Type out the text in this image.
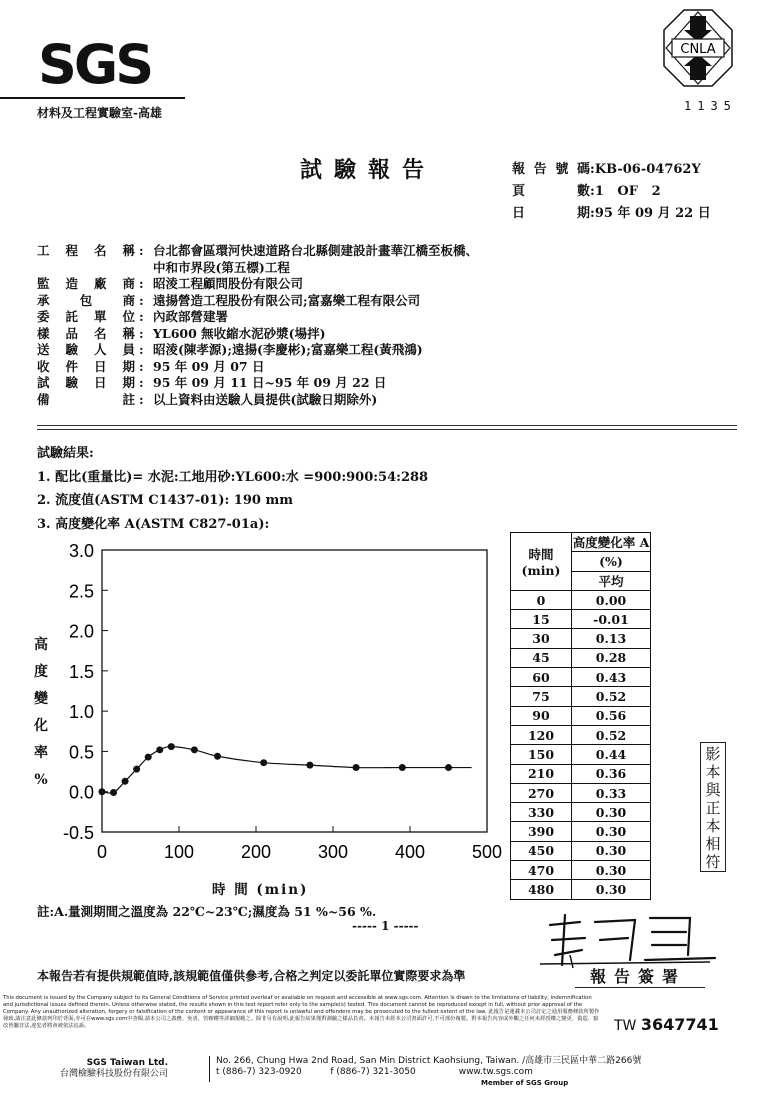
SGS
材料及工程實驗室-高雄
CNLA
1135
試驗報告	報告號碼:KB-06-04762Y
頁數:1   OF   2
日期:95 年 09 月 22 日
工程名稱 : 台北都會區環河快速道路台北縣側建設計畫華江橋至板橋、
中和市界段(第五標)工程
監造廠商 : 昭淩工程顧問股份有限公司
承包商 : 遠揚營造工程股份有限公司;富嘉樂工程有限公司
委託單位 : 內政部營建署
樣品名稱 : YL600 無收縮水泥砂漿(場拌)
送驗人員 : 昭淩(陳孝源);遠揚(李慶彬);富嘉樂工程(黃飛鴻)
收件日期 : 95 年 09 月 07 日
試驗日期 : 95 年 09 月 11 日~95 年 09 月 22 日
備註 : 以上資料由送驗人員提供(試驗日期除外)
試驗結果:
1. 配比(重量比)= 水泥:工地用砂:YL600:水 =900:900:54:288
2. 流度值(ASTM C1437-01): 190 mm
3. 高度變化率 A(ASTM C827-01a):
高度變化率 %
3.0
2.5
2.0
1.5
1.0
0.5
0.0
-0.5
0	100	200	300	400	500
時 間 (min)
時間
(min)	高度變化率 A
	(%)
	平均
0	0.00
15	-0.01
30	0.13
45	0.28
60	0.43
75	0.52
90	0.56
120	0.52
150	0.44
210	0.36
270	0.33
330	0.30
390	0.30
450	0.30
470	0.30
480	0.30
影本與正本相符
註:A.量測期間之溫度為 22℃~23℃;濕度為 51 %~56 %.
----- 1 -----
本報告若有提供規範值時,該規範值僅供參考,合格之判定以委託單位實際要求為準	報告簽署
This document is issued by the Company subject to its General Conditions of Service printed overleaf or available on request and accessible at www.sgs.com. Attention is drawn to the limitations of liability, indemnification and jurisdictional issues defined therein. Unless otherwise stated, the results shown in this test report refer only to the sample(s) tested. This document cannot be reproduced except in full, without prior approval of the Company. Any unauthorized alteration, forgery or falsification of the content or appearance of this report is unlawful and offenders may be prosecuted to the fullest extent of the law. 此報告是運載本公司訂定之通用服務條款所製作發致,請注意此條款列印於背面,亦可在www.sgs.com中查閱,請本公司之義務、免責、管轄權等詳細規範之。除非另有說明,此報告結果僅對測驗之樣品負責。本報告未經本公司書面許可,不可部份複製。對本報告內容或外觀之任何未經授權之變更、偽造、竄改皆屬非法,違犯者將會被依法追訴。	TW 3647741
SGS Taiwan Ltd.
台灣檢驗科技股份有限公司
No. 266, Chung Hwa 2nd Road, San Min District Kaohsiung, Taiwan. /高雄市三民區中華二路266號
t (886-7) 323-0920	f (886-7) 321-3050	www.tw.sgs.com
Member of SGS Group
